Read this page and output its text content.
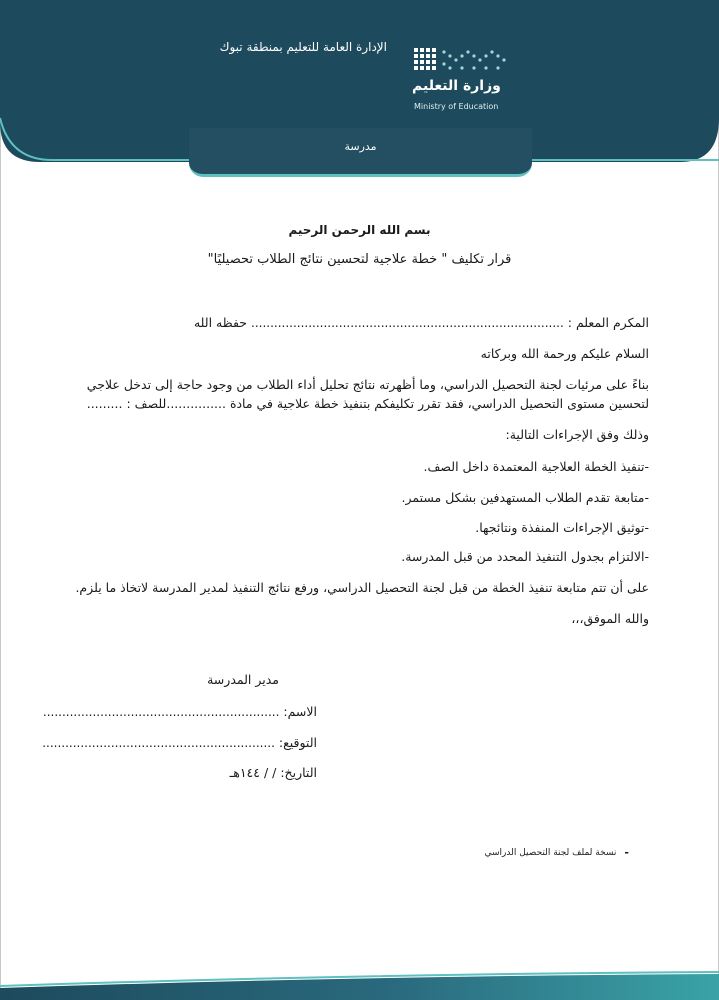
الإدارة العامة للتعليم بمنطقة تبوك
وزارة التعليم
Ministry of Education
مدرسة
بسم الله الرحمن الرحيم
قرار تكليف " خطة علاجية لتحسين نتائج الطلاب تحصيليًا"
المكرم المعلم : .................................................................................. حفظه الله
السلام عليكم ورحمة الله وبركاته
بناءً على مرئيات لجنة التحصيل الدراسي، وما أظهرته نتائج تحليل أداء الطلاب من وجود حاجة إلى تدخل علاجي
لتحسين مستوى التحصيل الدراسي، فقد تقرر تكليفكم بتنفيذ خطة علاجية في مادة ...............للصف : .........
وذلك وفق الإجراءات التالية:
-تنفيذ الخطة العلاجية المعتمدة داخل الصف.
-متابعة تقدم الطلاب المستهدفين بشكل مستمر.
-توثيق الإجراءات المنفذة ونتائجها.
-الالتزام بجدول التنفيذ المحدد من قبل المدرسة.
على أن تتم متابعة تنفيذ الخطة من قبل لجنة التحصيل الدراسي، ورفع نتائج التنفيذ لمدير المدرسة لاتخاذ ما يلزم.
والله الموفق،،،
مدير المدرسة
الاسم: ..............................................................
التوقيع: .............................................................
التاريخ: / / ١٤٤هـ
-
نسخة لملف لجنة التحصيل الدراسي
